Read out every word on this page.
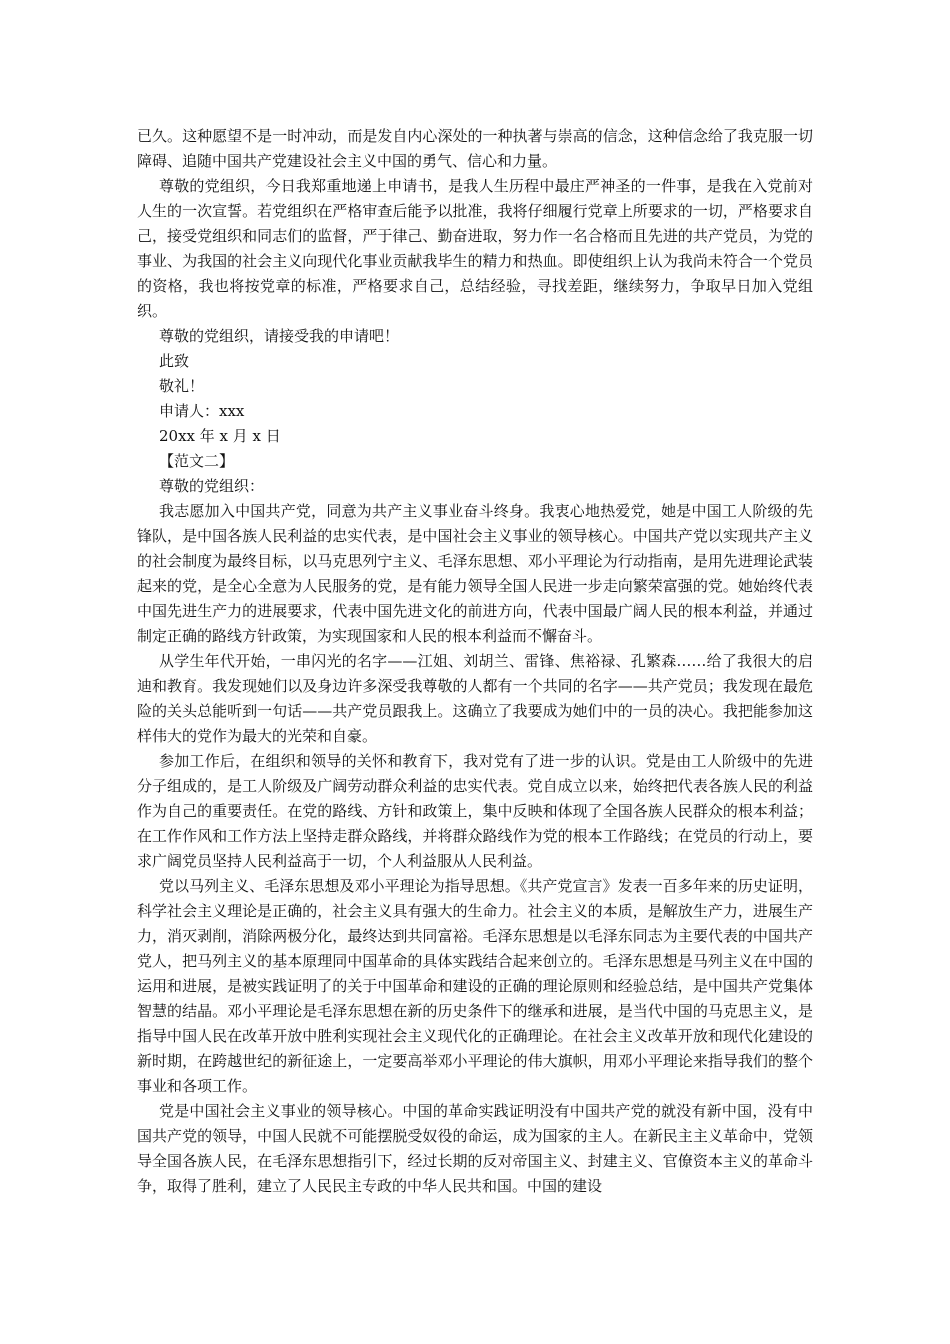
已久。这种愿望不是一时冲动，而是发自内心深处的一种执著与崇高的信念，这种信念给了我克服一切障碍、追随中国共产党建设社会主义中国的勇气、信心和力量。

尊敬的党组织，今日我郑重地递上申请书，是我人生历程中最庄严神圣的一件事，是我在入党前对人生的一次宣誓。若党组织在严格审查后能予以批准，我将仔细履行党章上所要求的一切，严格要求自己，接受党组织和同志们的监督，严于律己、勤奋进取，努力作一名合格而且先进的共产党员，为党的事业、为我国的社会主义向现代化事业贡献我毕生的精力和热血。即使组织上认为我尚未符合一个党员的资格，我也将按党章的标准，严格要求自己，总结经验，寻找差距，继续努力，争取早日加入党组织。

尊敬的党组织，请接受我的申请吧！

此致

敬礼！

申请人：xxx

20xx 年 x 月 x 日

【范文二】

尊敬的党组织：

我志愿加入中国共产党，同意为共产主义事业奋斗终身。我衷心地热爱党，她是中国工人阶级的先锋队，是中国各族人民利益的忠实代表，是中国社会主义事业的领导核心。中国共产党以实现共产主义的社会制度为最终目标，以马克思列宁主义、毛泽东思想、邓小平理论为行动指南，是用先进理论武装起来的党，是全心全意为人民服务的党，是有能力领导全国人民进一步走向繁荣富强的党。她始终代表中国先进生产力的进展要求，代表中国先进文化的前进方向，代表中国最广阔人民的根本利益，并通过制定正确的路线方针政策，为实现国家和人民的根本利益而不懈奋斗。

从学生年代开始，一串闪光的名字——江姐、刘胡兰、雷锋、焦裕禄、孔繁森……给了我很大的启迪和教育。我发现她们以及身边许多深受我尊敬的人都有一个共同的名字——共产党员；我发现在最危险的关头总能听到一句话——共产党员跟我上。这确立了我要成为她们中的一员的决心。我把能参加这样伟大的党作为最大的光荣和自豪。

参加工作后，在组织和领导的关怀和教育下，我对党有了进一步的认识。党是由工人阶级中的先进分子组成的，是工人阶级及广阔劳动群众利益的忠实代表。党自成立以来，始终把代表各族人民的利益作为自己的重要责任。在党的路线、方针和政策上，集中反映和体现了全国各族人民群众的根本利益；在工作作风和工作方法上坚持走群众路线，并将群众路线作为党的根本工作路线；在党员的行动上，要求广阔党员坚持人民利益高于一切，个人利益服从人民利益。

党以马列主义、毛泽东思想及邓小平理论为指导思想。《共产党宣言》发表一百多年来的历史证明，科学社会主义理论是正确的，社会主义具有强大的生命力。社会主义的本质，是解放生产力，进展生产力，消灭剥削，消除两极分化，最终达到共同富裕。毛泽东思想是以毛泽东同志为主要代表的中国共产党人，把马列主义的基本原理同中国革命的具体实践结合起来创立的。毛泽东思想是马列主义在中国的运用和进展，是被实践证明了的关于中国革命和建设的正确的理论原则和经验总结，是中国共产党集体智慧的结晶。邓小平理论是毛泽东思想在新的历史条件下的继承和进展，是当代中国的马克思主义，是指导中国人民在改革开放中胜利实现社会主义现代化的正确理论。在社会主义改革开放和现代化建设的新时期，在跨越世纪的新征途上，一定要高举邓小平理论的伟大旗帜，用邓小平理论来指导我们的整个事业和各项工作。

党是中国社会主义事业的领导核心。中国的革命实践证明没有中国共产党的就没有新中国，没有中国共产党的领导，中国人民就不可能摆脱受奴役的命运，成为国家的主人。在新民主主义革命中，党领导全国各族人民，在毛泽东思想指引下，经过长期的反对帝国主义、封建主义、官僚资本主义的革命斗争，取得了胜利，建立了人民民主专政的中华人民共和国。中国的建设
